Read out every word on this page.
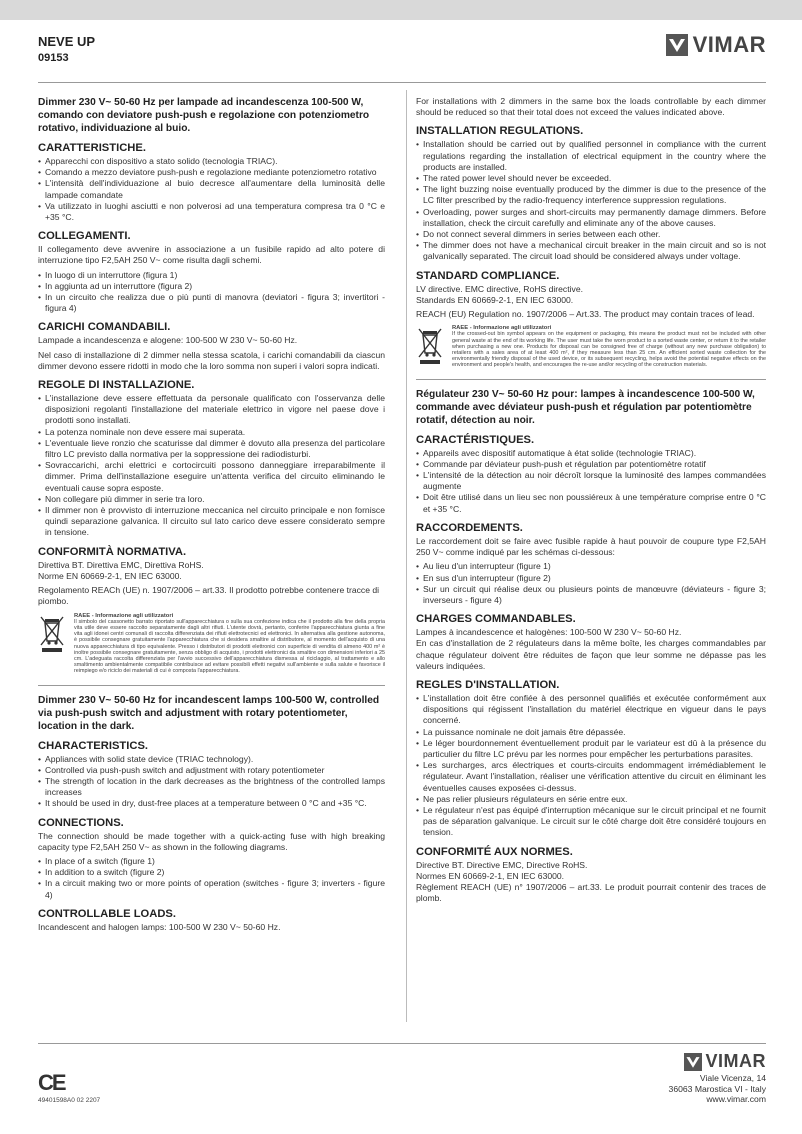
NEVE UP
09153
VIMAR

Dimmer 230 V~ 50-60 Hz per lampade ad incandescenza 100-500 W, comando con deviatore push-push e regolazione con potenziometro rotativo, individuazione al buio.

CARATTERISTICHE.
• Apparecchi con dispositivo a stato solido (tecnologia TRIAC).
• Comando a mezzo deviatore push-push e regolazione mediante potenziometro rotativo
• L'intensità dell'individuazione al buio decresce all'aumentare della luminosità delle lampade comandate
• Va utilizzato in luoghi asciutti e non polverosi ad una temperatura compresa tra 0 °C e +35 °C.
COLLEGAMENTI.

Il collegamento deve avvenire in associazione a un fusibile rapido ad alto potere di interruzione tipo F2,5AH 250 V~ come risulta dagli schemi.

• In luogo di un interruttore (figura 1)
• In aggiunta ad un interruttore (figura 2)
• In un circuito che realizza due o più punti di manovra (deviatori - figura 3; invertitori - figura 4)
CARICHI COMANDABILI.

Lampade a incandescenza e alogene: 100-500 W 230 V~ 50-60 Hz.

Nel caso di installazione di 2 dimmer nella stessa scatola, i carichi comandabili da ciascun dimmer devono essere ridotti in modo che la loro somma non superi i valori sopra indicati.

REGOLE DI INSTALLAZIONE.
• L'installazione deve essere effettuata da personale qualificato con l'osservanza delle disposizioni regolanti l'installazione del materiale elettrico in vigore nel paese dove i prodotti sono installati.
• La potenza nominale non deve essere mai superata.
• L'eventuale lieve ronzio che scaturisse dal dimmer è dovuto alla presenza del particolare filtro LC previsto dalla normativa per la soppressione dei radiodisturbi.
• Sovraccarichi, archi elettrici e cortocircuiti possono danneggiare irreparabilmente il dimmer. Prima dell'installazione eseguire un'attenta verifica del circuito eliminando le eventuali cause sopra esposte.
• Non collegare più dimmer in serie tra loro.
• Il dimmer non è provvisto di interruzione meccanica nel circuito principale e non fornisce quindi separazione galvanica. Il circuito sul lato carico deve essere considerato sempre in tensione.
CONFORMITÀ NORMATIVA.

Direttiva BT. Direttiva EMC, Direttiva RoHS.

Norme EN 60669-2-1, EN IEC 63000.

Regolamento REACh (UE) n. 1907/2006 – art.33. Il prodotto potrebbe contenere tracce di piombo.

RAEE - Informazione agli utilizzatori
Il simbolo del cassonetto barrato riportato sull'apparecchiatura o sulla sua confezione indica che il prodotto alla fine della propria vita utile deve essere raccolto separatamente dagli altri rifiuti. L'utente dovrà, pertanto, conferire l'apparecchiatura giunta a fine vita agli idonei centri comunali di raccolta differenziata dei rifiuti elettrotecnici ed elettronici. In alternativa alla gestione autonoma, è possibile consegnare gratuitamente l'apparecchiatura che si desidera smaltire al distributore, al momento dell'acquisto di una nuova apparecchiatura di tipo equivalente. Presso i distributori di prodotti elettronici con superficie di vendita di almeno 400 m² è inoltre possibile consegnare gratuitamente, senza obbligo di acquisto, i prodotti elettronici da smaltire con dimensioni inferiori a 25 cm. L'adeguata raccolta differenziata per l'avvio successivo dell'apparecchiatura dismessa al riciclaggio, al trattamento e allo smaltimento ambientalmente compatibile contribuisce ad evitare possibili effetti negativi sull'ambiente e sulla salute e favorisce il reimpiego e/o riciclo dei materiali di cui è composta l'apparecchiatura.

Dimmer 230 V~ 50-60 Hz for incandescent lamps 100-500 W, controlled via push-push switch and adjustment with rotary potentiometer, location in the dark.

CHARACTERISTICS.
• Appliances with solid state device (TRIAC technology).
• Controlled via push-push switch and adjustment with rotary potentiometer
• The strength of location in the dark decreases as the brightness of the controlled lamps increases
• It should be used in dry, dust-free places at a temperature between 0 °C and +35 °C.
CONNECTIONS.

The connection should be made together with a quick-acting fuse with high breaking capacity type F2,5AH 250 V~ as shown in the following diagrams.

• In place of a switch (figure 1)
• In addition to a switch (figure 2)
• In a circuit making two or more points of operation (switches - figure 3; inverters - figure 4)
CONTROLLABLE LOADS.

Incandescent and halogen lamps: 100-500 W 230 V~ 50-60 Hz.

For installations with 2 dimmers in the same box the loads controllable by each dimmer should be reduced so that their total does not exceed the values indicated above.

INSTALLATION REGULATIONS.
• Installation should be carried out by qualified personnel in compliance with the current regulations regarding the installation of electrical equipment in the country where the products are installed.
• The rated power level should never be exceeded.
• The light buzzing noise eventually produced by the dimmer is due to the presence of the LC filter prescribed by the radio-frequency interference suppression regulations.
• Overloading, power surges and short-circuits may permanently damage dimmers. Before installation, check the circuit carefully and eliminate any of the above causes.
• Do not connect several dimmers in series between each other.
• The dimmer does not have a mechanical circuit breaker in the main circuit and so is not galvanically separated. The circuit load should be considered always under voltage.
STANDARD COMPLIANCE.

LV directive. EMC directive, RoHS directive.

Standards EN 60669-2-1, EN IEC 63000.

REACH (EU) Regulation no. 1907/2006 – Art.33. The product may contain traces of lead.

RAEE - Informazione agli utilizzatori
If the crossed-out bin symbol appears on the equipment or packaging, this means the product must not be included with other general waste at the end of its working life. The user must take the worn product to a sorted waste center, or return it to the retailer when purchasing a new one. Products for disposal can be consigned free of charge (without any new purchase obligation) to retailers with a sales area of at least 400 m², if they measure less than 25 cm. An efficient sorted waste collection for the environmentally friendly disposal of the used device, or its subsequent recycling, helps avoid the potential negative effects on the environment and people's health, and encourages the re-use and/or recycling of the construction materials.

Régulateur 230 V~ 50-60 Hz pour: lampes à incandescence 100-500 W, commande avec déviateur push-push et régulation par potentiomètre rotatif, détection au noir.

CARACTÉRISTIQUES.
• Appareils avec dispositif automatique à état solide (technologie TRIAC).
• Commande par déviateur push-push et régulation par potentiomètre rotatif
• L'intensité de la détection au noir décroît lorsque la luminosité des lampes commandées augmente
• Doit être utilisé dans un lieu sec non poussiéreux à une température comprise entre 0 °C et +35 °C.
RACCORDEMENTS.

Le raccordement doit se faire avec fusible rapide à haut pouvoir de coupure type F2,5AH 250 V~ comme indiqué par les schémas ci-dessous:

• Au lieu d'un interrupteur (figure 1)
• En sus d'un interrupteur (figure 2)
• Sur un circuit qui réalise deux ou plusieurs points de manœuvre (déviateurs - figure 3; inverseurs - figure 4)
CHARGES COMMANDABLES.

Lampes à incandescence et halogènes: 100-500 W 230 V~ 50-60 Hz.

En cas d'installation de 2 régulateurs dans la même boîte, les charges commandables par chaque régulateur doivent être réduites de façon que leur somme ne dépasse pas les valeurs indiquées.

REGLES D'INSTALLATION.
• L'installation doit être confiée à des personnel qualifiés et exécutée conformément aux dispositions qui régissent l'installation du matériel électrique en vigueur dans le pays concerné.
• La puissance nominale ne doit jamais être dépassée.
• Le léger bourdonnement éventuellement produit par le variateur est dû à la présence du particulier du filtre LC prévu par les normes pour empêcher les perturbations parasites.
• Les surcharges, arcs électriques et courts-circuits endommagent irrémédiablement le régulateur. Avant l'installation, réaliser une vérification attentive du circuit en éliminant les éventuelles causes exposées ci-dessus.
• Ne pas relier plusieurs régulateurs en série entre eux.
• Le régulateur n'est pas équipé d'interruption mécanique sur le circuit principal et ne fournit pas de séparation galvanique. Le circuit sur le côté charge doit être considéré toujours en tension.
CONFORMITÉ AUX NORMES.

Directive BT. Directive EMC, Directive RoHS.

Normes EN 60669-2-1, EN IEC 63000.

Règlement REACH (UE) n° 1907/2006 – art.33. Le produit pourrait contenir des traces de plomb.

CE
49401598A0 02 2207
VIMAR
Viale Vicenza, 14
36063 Marostica VI - Italy
www.vimar.com
